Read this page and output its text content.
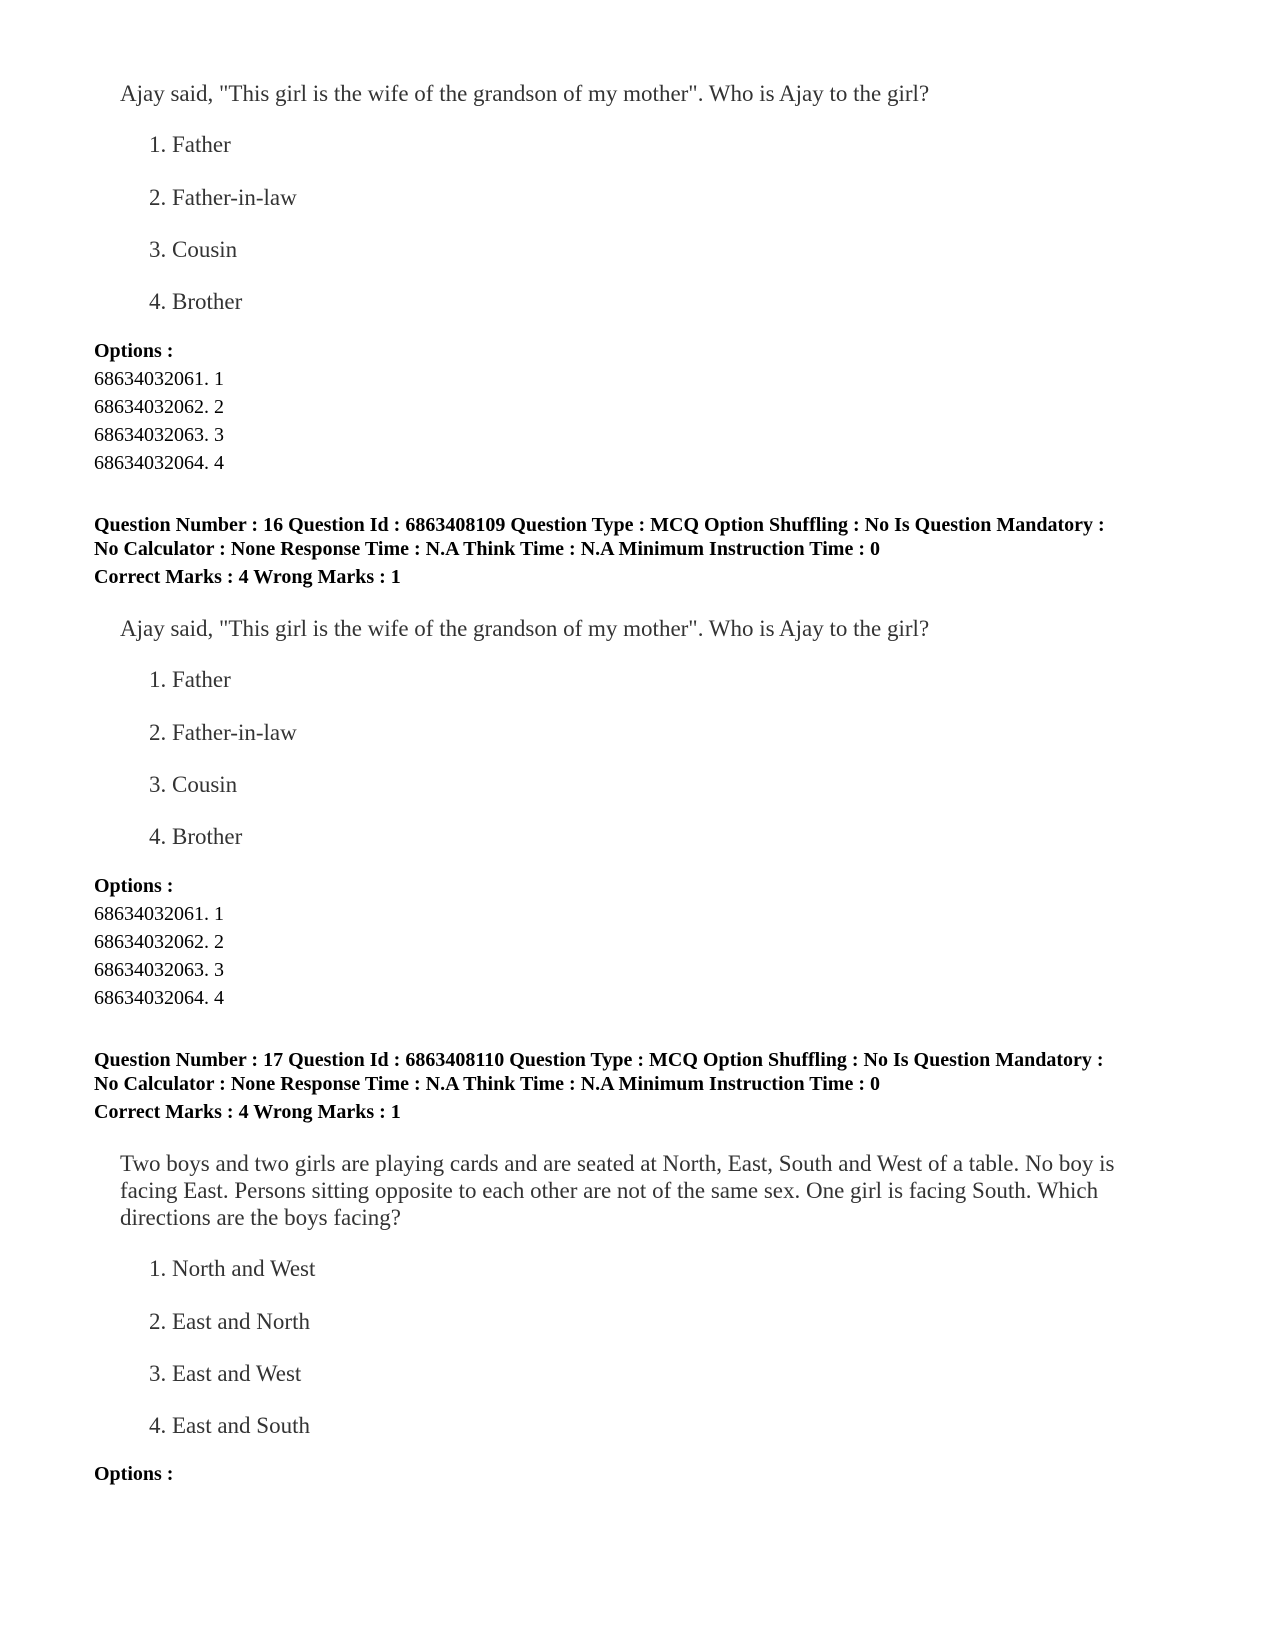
Ajay said, "This girl is the wife of the grandson of my mother". Who is Ajay to the girl?
1. Father
2. Father-in-law
3. Cousin
4. Brother
Options :
68634032061. 1
68634032062. 2
68634032063. 3
68634032064. 4
Question Number : 16 Question Id : 6863408109 Question Type : MCQ Option Shuffling : No Is Question Mandatory :
No Calculator : None Response Time : N.A Think Time : N.A Minimum Instruction Time : 0
Correct Marks : 4 Wrong Marks : 1
Ajay said, "This girl is the wife of the grandson of my mother". Who is Ajay to the girl?
1. Father
2. Father-in-law
3. Cousin
4. Brother
Options :
68634032061. 1
68634032062. 2
68634032063. 3
68634032064. 4
Question Number : 17 Question Id : 6863408110 Question Type : MCQ Option Shuffling : No Is Question Mandatory :
No Calculator : None Response Time : N.A Think Time : N.A Minimum Instruction Time : 0
Correct Marks : 4 Wrong Marks : 1
Two boys and two girls are playing cards and are seated at North, East, South and West of a table. No boy is facing East. Persons sitting opposite to each other are not of the same sex. One girl is facing South. Which directions are the boys facing?
1. North and West
2. East and North
3. East and West
4. East and South
Options :
